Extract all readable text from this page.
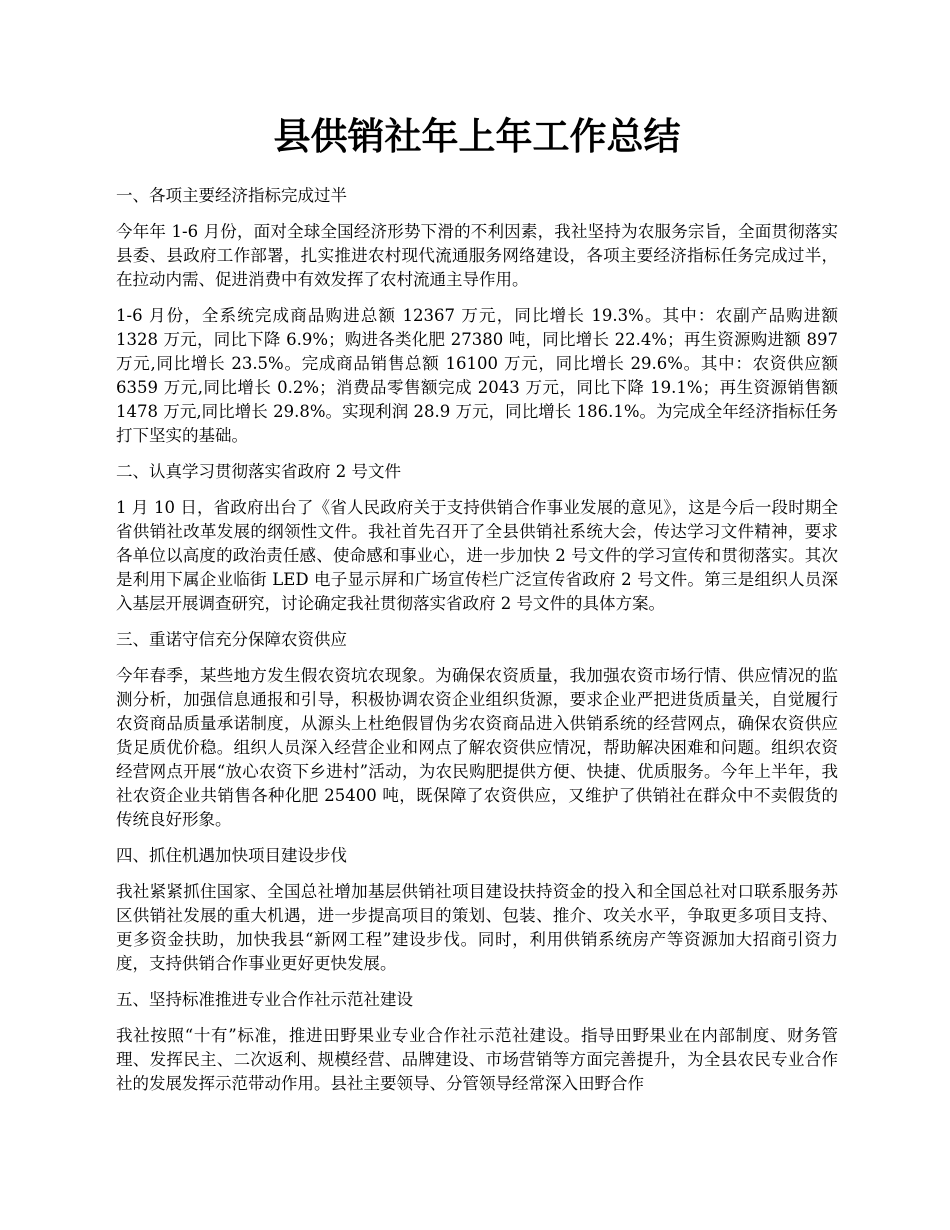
县供销社年上年工作总结

一、各项主要经济指标完成过半

今年年 1-6 月份，面对全球全国经济形势下滑的不利因素，我社坚持为农服务宗旨，全面贯彻落实县委、县政府工作部署，扎实推进农村现代流通服务网络建设，各项主要经济指标任务完成过半，在拉动内需、促进消费中有效发挥了农村流通主导作用。

1-6 月份，全系统完成商品购进总额 12367 万元，同比增长 19.3%。其中：农副产品购进额 1328 万元，同比下降 6.9%；购进各类化肥 27380 吨，同比增长 22.4%；再生资源购进额 897 万元,同比增长 23.5%。完成商品销售总额 16100 万元，同比增长 29.6%。其中：农资供应额 6359 万元,同比增长 0.2%；消费品零售额完成 2043 万元，同比下降 19.1%；再生资源销售额 1478 万元,同比增长 29.8%。实现利润 28.9 万元，同比增长 186.1%。为完成全年经济指标任务打下坚实的基础。

二、认真学习贯彻落实省政府 2 号文件

1 月 10 日，省政府出台了《省人民政府关于支持供销合作事业发展的意见》，这是今后一段时期全省供销社改革发展的纲领性文件。我社首先召开了全县供销社系统大会，传达学习文件精神，要求各单位以高度的政治责任感、使命感和事业心，进一步加快 2 号文件的学习宣传和贯彻落实。其次是利用下属企业临街 LED 电子显示屏和广场宣传栏广泛宣传省政府 2 号文件。第三是组织人员深入基层开展调查研究，讨论确定我社贯彻落实省政府 2 号文件的具体方案。

三、重诺守信充分保障农资供应

今年春季，某些地方发生假农资坑农现象。为确保农资质量，我加强农资市场行情、供应情况的监测分析，加强信息通报和引导，积极协调农资企业组织货源，要求企业严把进货质量关，自觉履行农资商品质量承诺制度，从源头上杜绝假冒伪劣农资商品进入供销系统的经营网点，确保农资供应货足质优价稳。组织人员深入经营企业和网点了解农资供应情况，帮助解决困难和问题。组织农资经营网点开展“放心农资下乡进村”活动，为农民购肥提供方便、快捷、优质服务。今年上半年，我社农资企业共销售各种化肥 25400 吨，既保障了农资供应，又维护了供销社在群众中不卖假货的传统良好形象。

四、抓住机遇加快项目建设步伐

我社紧紧抓住国家、全国总社增加基层供销社项目建设扶持资金的投入和全国总社对口联系服务苏区供销社发展的重大机遇，进一步提高项目的策划、包装、推介、攻关水平，争取更多项目支持、更多资金扶助，加快我县“新网工程”建设步伐。同时，利用供销系统房产等资源加大招商引资力度，支持供销合作事业更好更快发展。

五、坚持标准推进专业合作社示范社建设

我社按照“十有”标准，推进田野果业专业合作社示范社建设。指导田野果业在内部制度、财务管理、发挥民主、二次返利、规模经营、品牌建设、市场营销等方面完善提升，为全县农民专业合作社的发展发挥示范带动作用。县社主要领导、分管领导经常深入田野合作
